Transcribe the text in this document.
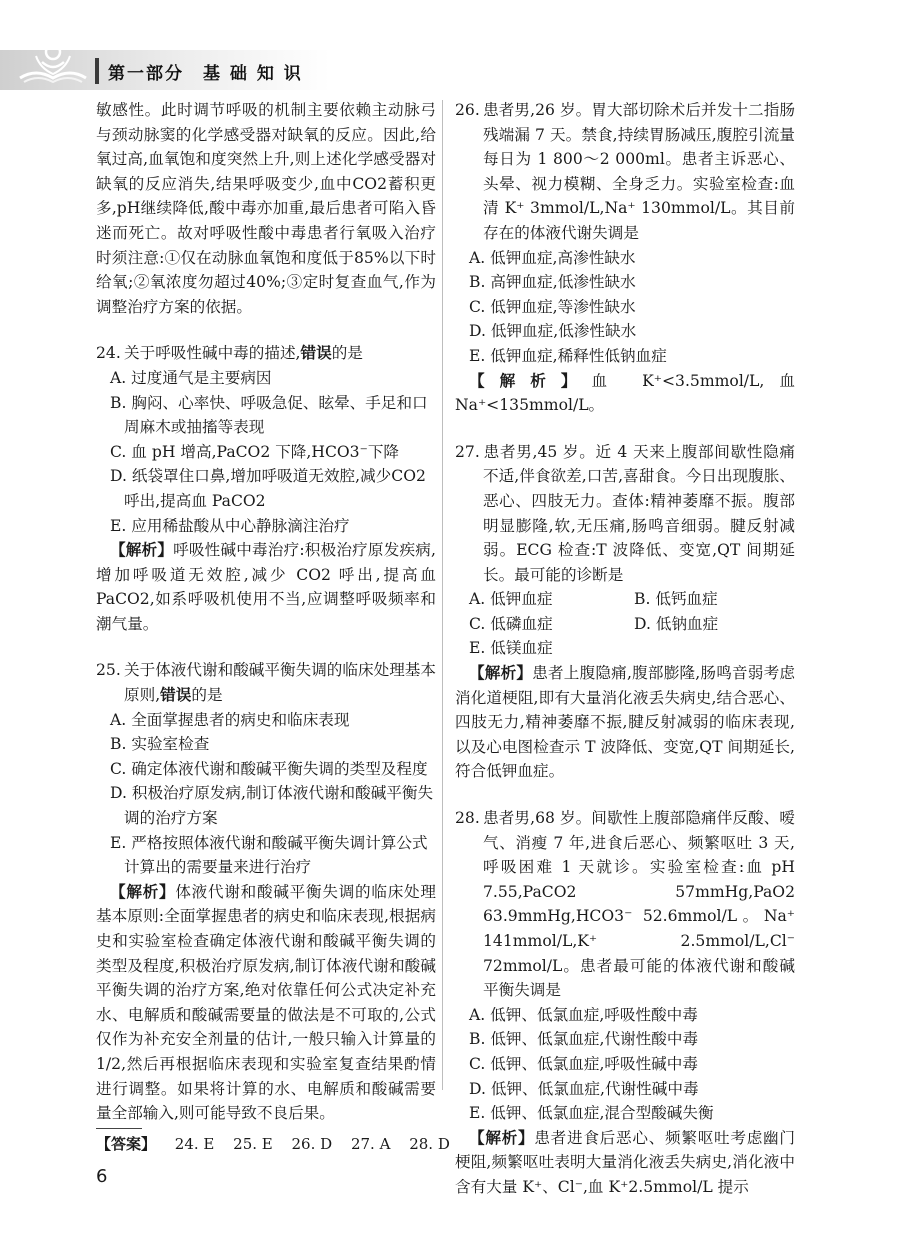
第一部分　基 础 知 识

敏感性。此时调节呼吸的机制主要依赖主动脉弓与颈动脉窦的化学感受器对缺氧的反应。因此,给氧过高,血氧饱和度突然上升,则上述化学感受器对缺氧的反应消失,结果呼吸变少,血中CO2蓄积更多,pH继续降低,酸中毒亦加重,最后患者可陷入昏迷而死亡。故对呼吸性酸中毒患者行氧吸入治疗时须注意:①仅在动脉血氧饱和度低于85%以下时给氧;②氧浓度勿超过40%;③定时复查血气,作为调整治疗方案的依据。

24. 关于呼吸性碱中毒的描述,错误的是

A. 过度通气是主要病因

B. 胸闷、心率快、呼吸急促、眩晕、手足和口周麻木或抽搐等表现

C. 血 pH 增高,PaCO2 下降,HCO3⁻下降

D. 纸袋罩住口鼻,增加呼吸道无效腔,减少CO2呼出,提高血 PaCO2

E. 应用稀盐酸从中心静脉滴注治疗

【解析】呼吸性碱中毒治疗:积极治疗原发疾病,增加呼吸道无效腔,减少 CO2 呼出,提高血 PaCO2,如系呼吸机使用不当,应调整呼吸频率和潮气量。

25. 关于体液代谢和酸碱平衡失调的临床处理基本原则,错误的是

A. 全面掌握患者的病史和临床表现

B. 实验室检查

C. 确定体液代谢和酸碱平衡失调的类型及程度

D. 积极治疗原发病,制订体液代谢和酸碱平衡失调的治疗方案

E. 严格按照体液代谢和酸碱平衡失调计算公式计算出的需要量来进行治疗

【解析】体液代谢和酸碱平衡失调的临床处理基本原则:全面掌握患者的病史和临床表现,根据病史和实验室检查确定体液代谢和酸碱平衡失调的类型及程度,积极治疗原发病,制订体液代谢和酸碱平衡失调的治疗方案,绝对依靠任何公式决定补充水、电解质和酸碱需要量的做法是不可取的,公式仅作为补充安全剂量的估计,一般只输入计算量的1/2,然后再根据临床表现和实验室复查结果酌情进行调整。如果将计算的水、电解质和酸碱需要量全部输入,则可能导致不良后果。

26. 患者男,26 岁。胃大部切除术后并发十二指肠残端漏 7 天。禁食,持续胃肠减压,腹腔引流量每日为 1 800～2 000ml。患者主诉恶心、头晕、视力模糊、全身乏力。实验室检查:血清 K⁺ 3mmol/L,Na⁺ 130mmol/L。其目前存在的体液代谢失调是

A. 低钾血症,高渗性缺水

B. 高钾血症,低渗性缺水

C. 低钾血症,等渗性缺水

D. 低钾血症,低渗性缺水

E. 低钾血症,稀释性低钠血症

【解析】血 K⁺<3.5mmol/L,血 Na⁺<135mmol/L。

27. 患者男,45 岁。近 4 天来上腹部间歇性隐痛不适,伴食欲差,口苦,喜甜食。今日出现腹胀、恶心、四肢无力。查体:精神萎靡不振。腹部明显膨隆,软,无压痛,肠鸣音细弱。腱反射减弱。ECG 检查:T 波降低、变宽,QT 间期延长。最可能的诊断是

A. 低钾血症	B. 低钙血症
C. 低磷血症	D. 低钠血症
E. 低镁血症

【解析】患者上腹隐痛,腹部膨隆,肠鸣音弱考虑消化道梗阻,即有大量消化液丢失病史,结合恶心、四肢无力,精神萎靡不振,腱反射减弱的临床表现,以及心电图检查示 T 波降低、变宽,QT 间期延长,符合低钾血症。

28. 患者男,68 岁。间歇性上腹部隐痛伴反酸、嗳气、消瘦 7 年,进食后恶心、频繁呕吐 3 天,呼吸困难 1 天就诊。实验室检查:血 pH 7.55,PaCO2 57mmHg,PaO2 63.9mmHg,HCO3⁻ 52.6mmol/L。Na⁺ 141mmol/L,K⁺ 2.5mmol/L,Cl⁻ 72mmol/L。患者最可能的体液代谢和酸碱平衡失调是

A. 低钾、低氯血症,呼吸性酸中毒

B. 低钾、低氯血症,代谢性酸中毒

C. 低钾、低氯血症,呼吸性碱中毒

D. 低钾、低氯血症,代谢性碱中毒

E. 低钾、低氯血症,混合型酸碱失衡

【解析】患者进食后恶心、频繁呕吐考虑幽门梗阻,频繁呕吐表明大量消化液丢失病史,消化液中含有大量 K⁺、Cl⁻,血 K⁺2.5mmol/L 提示

【答案】 24. E 25. E 26. D 27. A 28. D
6
